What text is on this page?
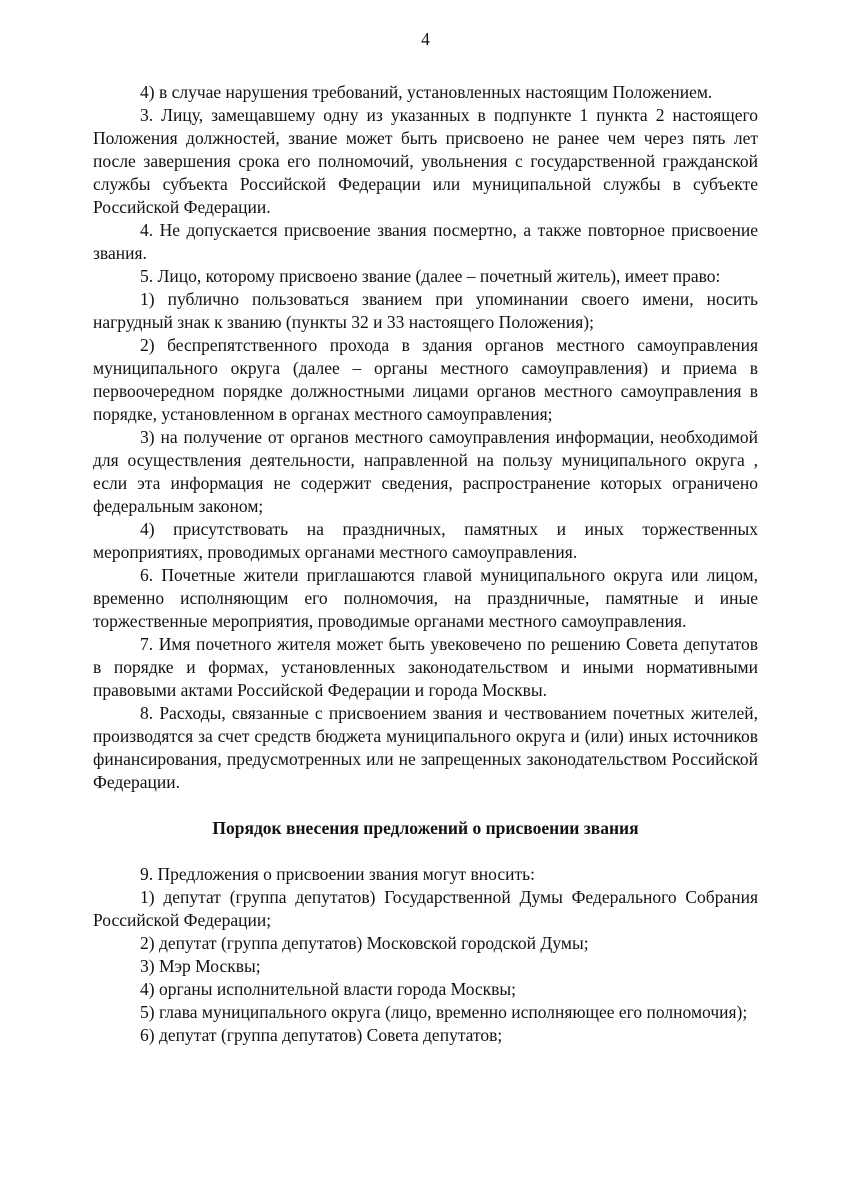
4

4) в случае нарушения требований, установленных настоящим Положением.

3. Лицу, замещавшему одну из указанных в подпункте 1 пункта 2 настоящего Положения должностей, звание может быть присвоено не ранее чем через пять лет после завершения срока его полномочий, увольнения с государственной гражданской службы субъекта Российской Федерации или муниципальной службы в субъекте Российской Федерации.

4. Не допускается присвоение звания посмертно, а также повторное присвоение звания.

5. Лицо, которому присвоено звание (далее – почетный житель), имеет право:

1) публично пользоваться званием при упоминании своего имени, носить нагрудный знак к званию (пункты 32 и 33 настоящего Положения);

2) беспрепятственного прохода в здания органов местного самоуправления муниципального округа (далее – органы местного самоуправления) и приема в первоочередном порядке должностными лицами органов местного самоуправления в порядке, установленном в органах местного самоуправления;

3) на получение от органов местного самоуправления информации, необходимой для осуществления деятельности, направленной на пользу муниципального округа , если эта информация не содержит сведения, распространение которых ограничено федеральным законом;

4) присутствовать на праздничных, памятных и иных торжественных мероприятиях, проводимых органами местного самоуправления.

6. Почетные жители приглашаются главой муниципального округа или лицом, временно исполняющим его полномочия, на праздничные, памятные и иные торжественные мероприятия, проводимые органами местного самоуправления.

7. Имя почетного жителя может быть увековечено по решению Совета депутатов в порядке и формах, установленных законодательством и иными нормативными правовыми актами Российской Федерации и города Москвы.

8. Расходы, связанные с присвоением звания и чествованием почетных жителей, производятся за счет средств бюджета муниципального округа и (или) иных источников финансирования, предусмотренных или не запрещенных законодательством Российской Федерации.

Порядок внесения предложений о присвоении звания

9. Предложения о присвоении звания могут вносить:

1) депутат (группа депутатов) Государственной Думы Федерального Собрания Российской Федерации;

2) депутат (группа депутатов) Московской городской Думы;

3) Мэр Москвы;

4) органы исполнительной власти города Москвы;

5) глава муниципального округа (лицо, временно исполняющее его полномочия);

6) депутат (группа депутатов) Совета депутатов;
